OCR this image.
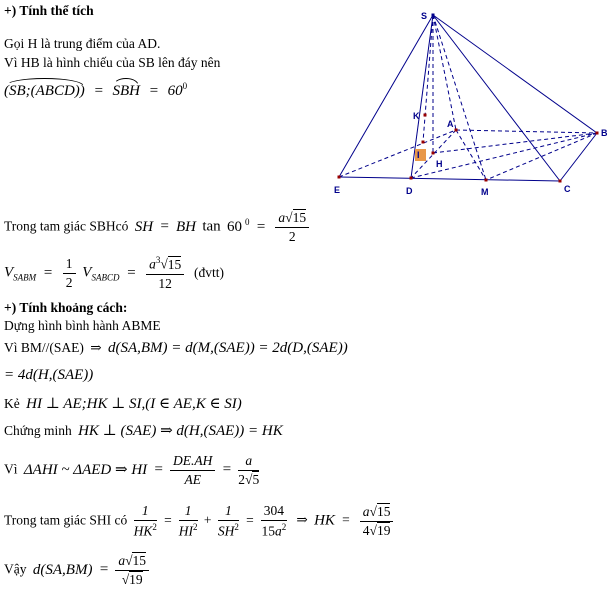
+) Tính thể tích
Gọi H là trung điểm của AD.
Vì HB là hình chiếu của SB lên đáy nên
(SB;(ABCD)) = SBH = $60^0$
S
E	D	M	C
B
A
H
I
K
Trong tam giác SBHcó SH = BH tan 60 $^0 = \frac{a√15}{2}$
$V_{SABM} = \frac{1}{2} V_{SABCD} = \frac{a^3√15}{12}$ (đvtt)
+) Tính khoảng cách:
Dựng hình bình hành ABME
Vì BM//(SAE) ⇒ d(SA,BM) = d(M,(SAE)) = 2d(D,(SAE))
= 4d(H,(SAE))
Kẻ HI ⊥ AE;HK ⊥ SI,(I ∈ AE,K ∈ SI)
Chứng minh HK ⊥ (SAE) ⇒ d(H,(SAE)) = HK
Vì ΔAHI ~ ΔAED ⇒ HI = $\frac{DE.AH}{AE} = \frac{a}{2√5}$
Trong tam giác SHI có $\frac{1}{HK^2} = \frac{1}{HI^2} + \frac{1}{SH^2} = \frac{304}{15a^2}$ ⇒ HK = $\frac{a√15}{4√19}$
Vậy $d(SA,BM) = \frac{a√15}{√19}$
